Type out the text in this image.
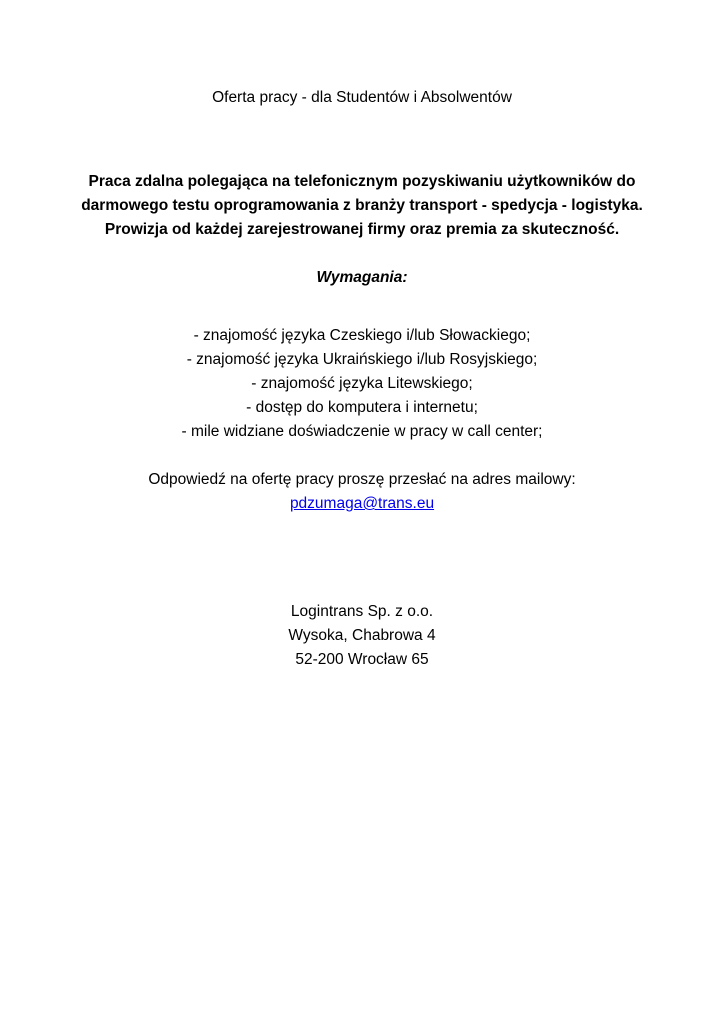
Oferta pracy - dla Studentów i Absolwentów
Praca zdalna polegająca na telefonicznym pozyskiwaniu użytkowników do
darmowego testu oprogramowania z branży transport - spedycja - logistyka.
Prowizja od każdej zarejestrowanej firmy oraz premia za skuteczność.
Wymagania:
- znajomość języka Czeskiego i/lub Słowackiego;
- znajomość języka Ukraińskiego i/lub Rosyjskiego;
- znajomość języka Litewskiego;
- dostęp do komputera i internetu;
- mile widziane doświadczenie w pracy w call center;
Odpowiedź na ofertę pracy proszę przesłać na adres mailowy:
pdzumaga@trans.eu
Logintrans Sp. z o.o.
Wysoka, Chabrowa 4
52-200 Wrocław 65
